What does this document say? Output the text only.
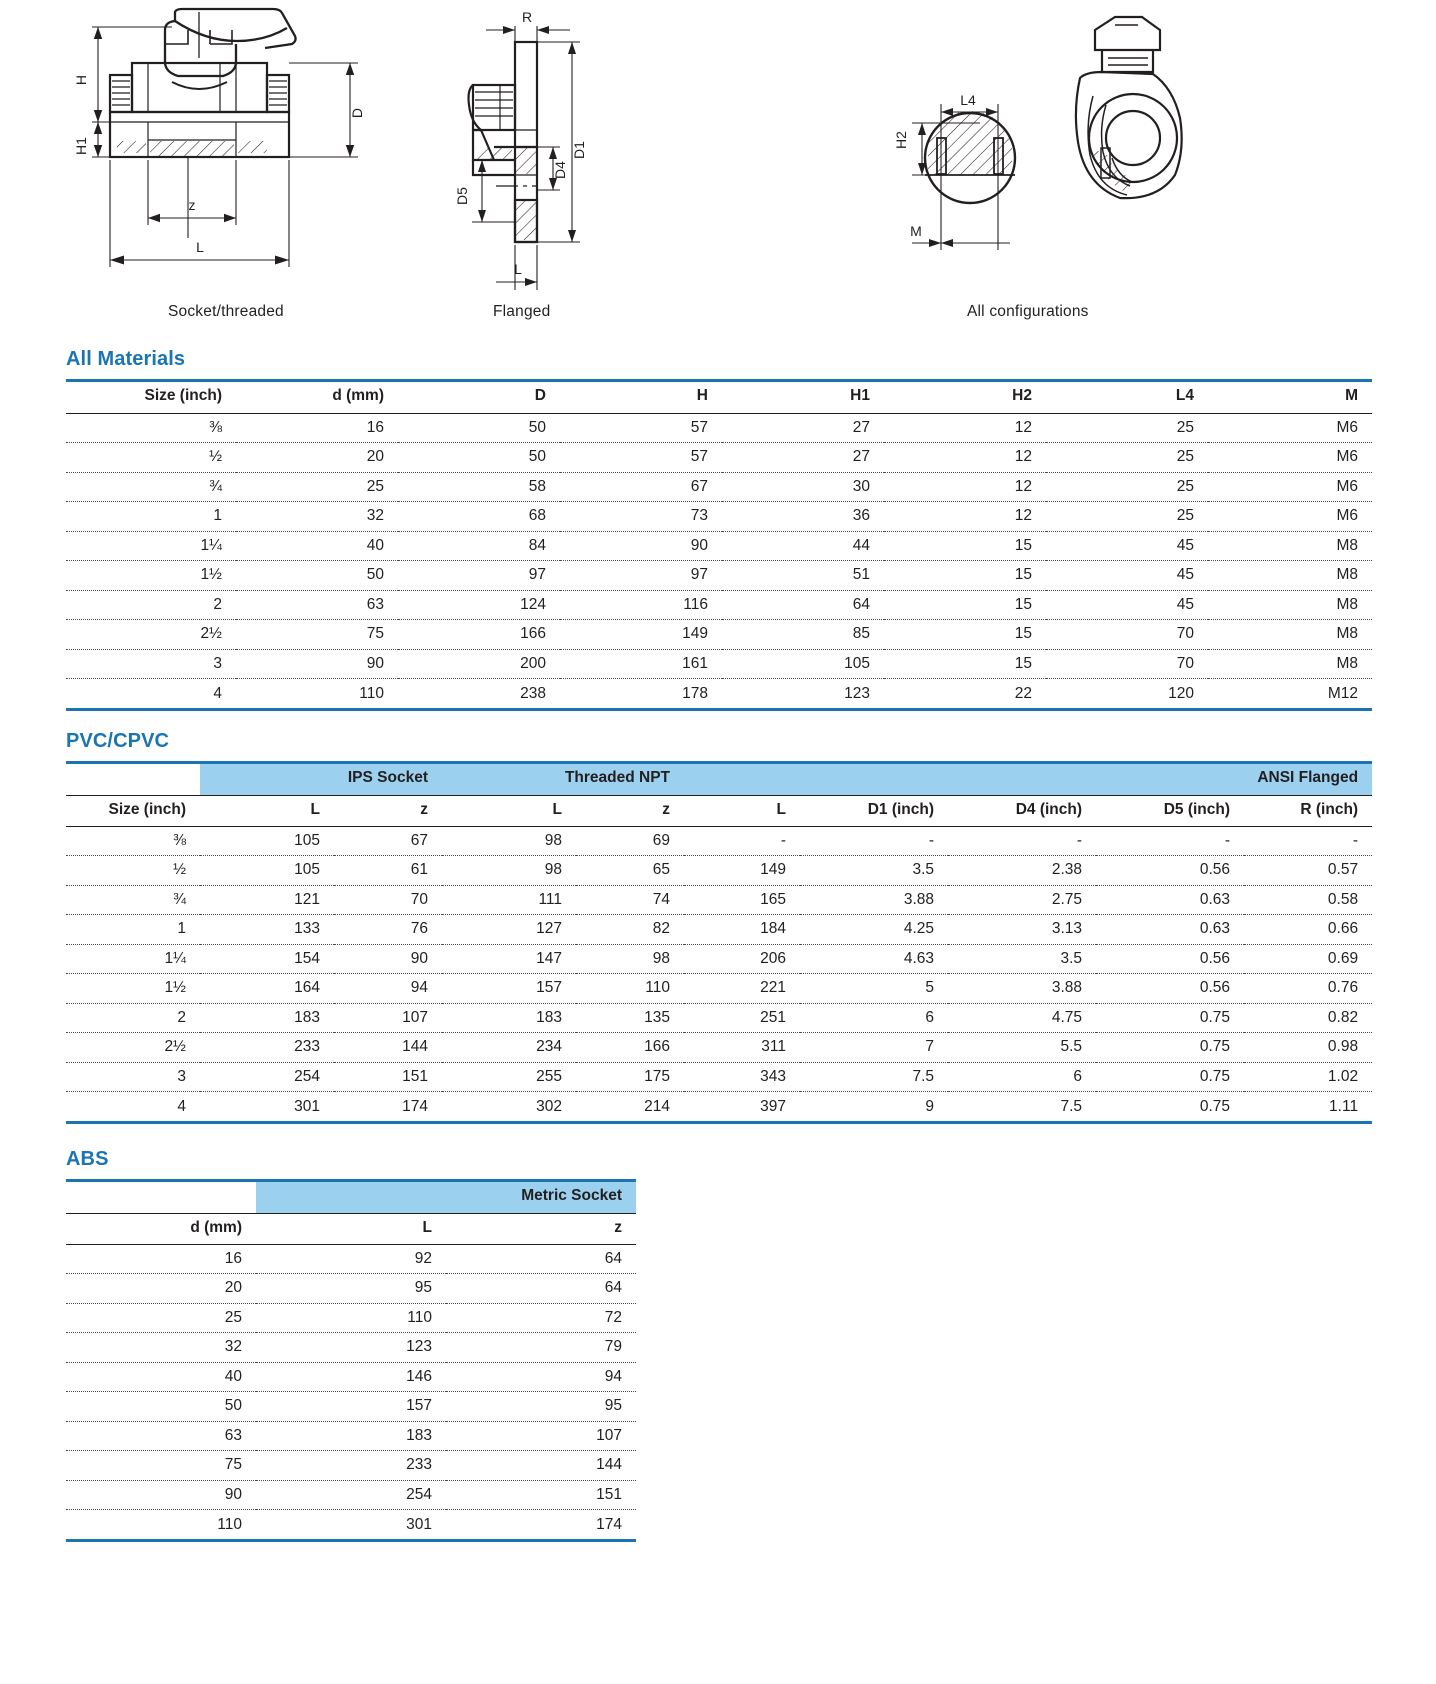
H
H1
D
z
L
R
D1
D4
D5
L
H2
L4
M
Socket/threaded	Flanged	All configurations
All Materials
Size (inch)	d (mm)	D	H	H1	H2	L4	M
⅜	16	50	57	27	12	25	M6
½	20	50	57	27	12	25	M6
¾	25	58	67	30	12	25	M6
1	32	68	73	36	12	25	M6
1¼	40	84	90	44	15	45	M8
1½	50	97	97	51	15	45	M8
2	63	124	116	64	15	45	M8
2½	75	166	149	85	15	70	M8
3	90	200	161	105	15	70	M8
4	110	238	178	123	22	120	M12
PVC/CPVC
	IPS Socket		Threaded NPT		ANSI Flanged				
Size (inch)	L	z	L	z	L	D1 (inch)	D4 (inch)	D5 (inch)	R (inch)
⅜	105	67	98	69	-	-	-	-	-
½	105	61	98	65	149	3.5	2.38	0.56	0.57
¾	121	70	111	74	165	3.88	2.75	0.63	0.58
1	133	76	127	82	184	4.25	3.13	0.63	0.66
1¼	154	90	147	98	206	4.63	3.5	0.56	0.69
1½	164	94	157	110	221	5	3.88	0.56	0.76
2	183	107	183	135	251	6	4.75	0.75	0.82
2½	233	144	234	166	311	7	5.5	0.75	0.98
3	254	151	255	175	343	7.5	6	0.75	1.02
4	301	174	302	214	397	9	7.5	0.75	1.11
ABS
	Metric Socket	
d (mm)	L	z
16	92	64
20	95	64
25	110	72
32	123	79
40	146	94
50	157	95
63	183	107
75	233	144
90	254	151
110	301	174
